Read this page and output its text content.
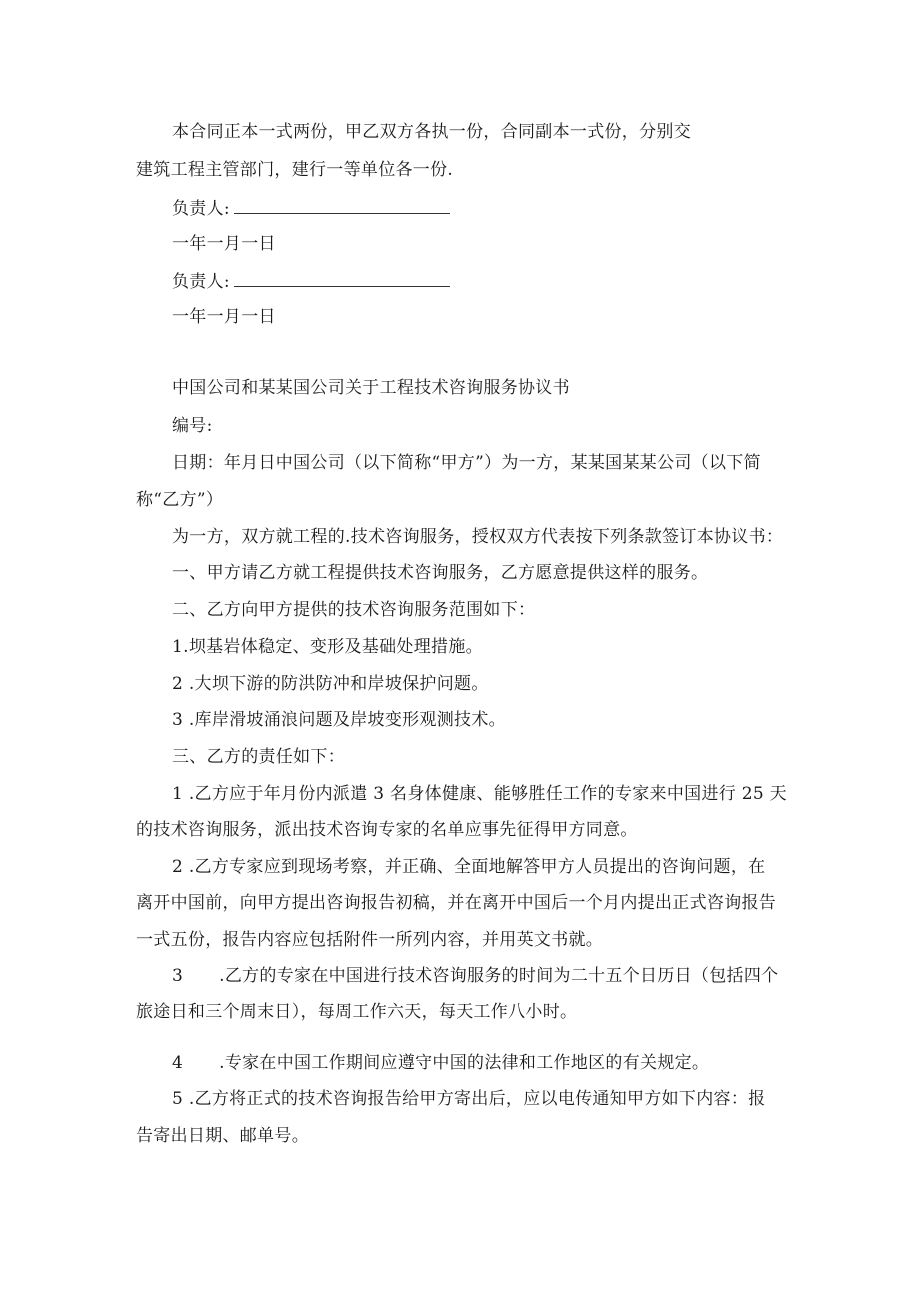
本合同正本一式两份，甲乙双方各执一份，合同副本一式份，分别交
建筑工程主管部门，建行一等单位各一份.
负责人:
一年一月一日
负责人:
一年一月一日
中国公司和某某国公司关于工程技术咨询服务协议书
编号:
日期：年月日中国公司（以下简称“甲方”）为一方，某某国某某公司（以下简
称“乙方”）
为一方，双方就工程的.技术咨询服务，授权双方代表按下列条款签订本协议书：
一、甲方请乙方就工程提供技术咨询服务，乙方愿意提供这样的服务。
二、乙方向甲方提供的技术咨询服务范围如下：
1.坝基岩体稳定、变形及基础处理措施。
2 .大坝下游的防洪防冲和岸坡保护问题。
3 .库岸滑坡涌浪问题及岸坡变形观测技术。
三、乙方的责任如下：
1 .乙方应于年月份内派遣 3 名身体健康、能够胜任工作的专家来中国进行 25 天
的技术咨询服务，派出技术咨询专家的名单应事先征得甲方同意。
2 .乙方专家应到现场考察，并正确、全面地解答甲方人员提出的咨询问题，在
离开中国前，向甲方提出咨询报告初稿，并在离开中国后一个月内提出正式咨询报告
一式五份，报告内容应包括附件一所列内容，并用英文书就。
3 .乙方的专家在中国进行技术咨询服务的时间为二十五个日历日（包括四个
旅途日和三个周末日），每周工作六天，每天工作八小时。
4 .专家在中国工作期间应遵守中国的法律和工作地区的有关规定。
5 .乙方将正式的技术咨询报告给甲方寄出后，应以电传通知甲方如下内容：报
告寄出日期、邮单号。
